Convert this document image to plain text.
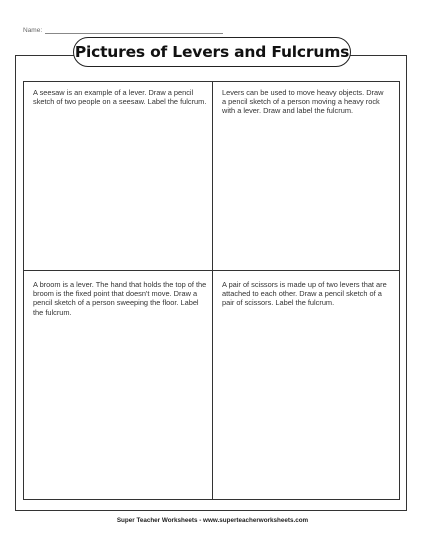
Name:
Pictures of Levers and Fulcrums
A seesaw is an example of a lever. Draw a pencil sketch of two people on a seesaw. Label the fulcrum.
Levers can be used to move heavy objects. Draw a pencil sketch of a person moving a heavy rock with a lever. Draw and label the fulcrum.
A broom is a lever. The hand that holds the top of the broom is the fixed point that doesn't move. Draw a pencil sketch of a person sweeping the floor. Label the fulcrum.
A pair of scissors is made up of two levers that are attached to each other. Draw a pencil sketch of a pair of scissors. Label the fulcrum.
Super Teacher Worksheets - www.superteacherworksheets.com
